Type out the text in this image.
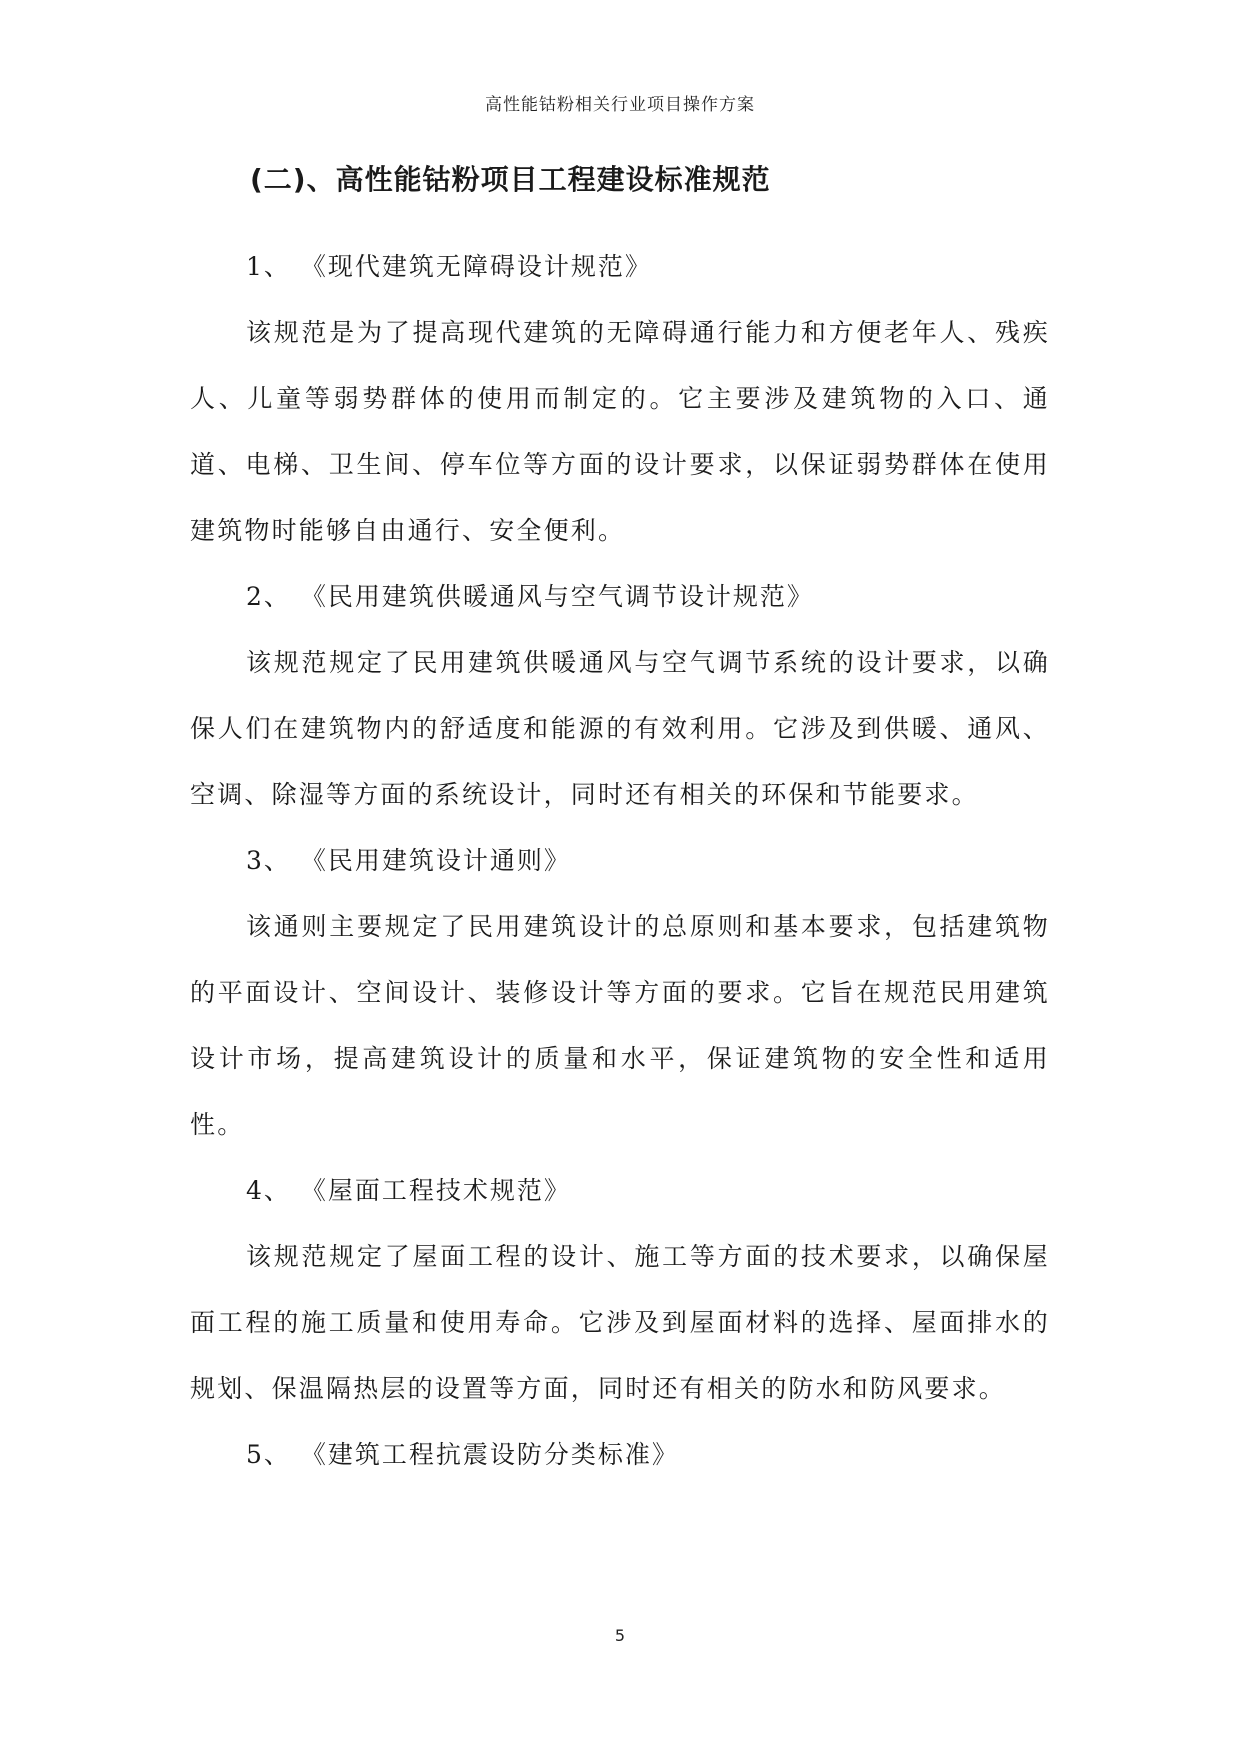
高性能钴粉相关行业项目操作方案
(二)、高性能钴粉项目工程建设标准规范
1、 《现代建筑无障碍设计规范》

该规范是为了提高现代建筑的无障碍通行能力和方便老年人、残疾人、儿童等弱势群体的使用而制定的。它主要涉及建筑物的入口、通道、电梯、卫生间、停车位等方面的设计要求，以保证弱势群体在使用建筑物时能够自由通行、安全便利。

2、 《民用建筑供暖通风与空气调节设计规范》

该规范规定了民用建筑供暖通风与空气调节系统的设计要求，以确保人们在建筑物内的舒适度和能源的有效利用。它涉及到供暖、通风、空调、除湿等方面的系统设计，同时还有相关的环保和节能要求。

3、 《民用建筑设计通则》

该通则主要规定了民用建筑设计的总原则和基本要求，包括建筑物的平面设计、空间设计、装修设计等方面的要求。它旨在规范民用建筑设计市场，提高建筑设计的质量和水平，保证建筑物的安全性和适用性。

4、 《屋面工程技术规范》

该规范规定了屋面工程的设计、施工等方面的技术要求，以确保屋面工程的施工质量和使用寿命。它涉及到屋面材料的选择、屋面排水的规划、保温隔热层的设置等方面，同时还有相关的防水和防风要求。

5、 《建筑工程抗震设防分类标准》
5
